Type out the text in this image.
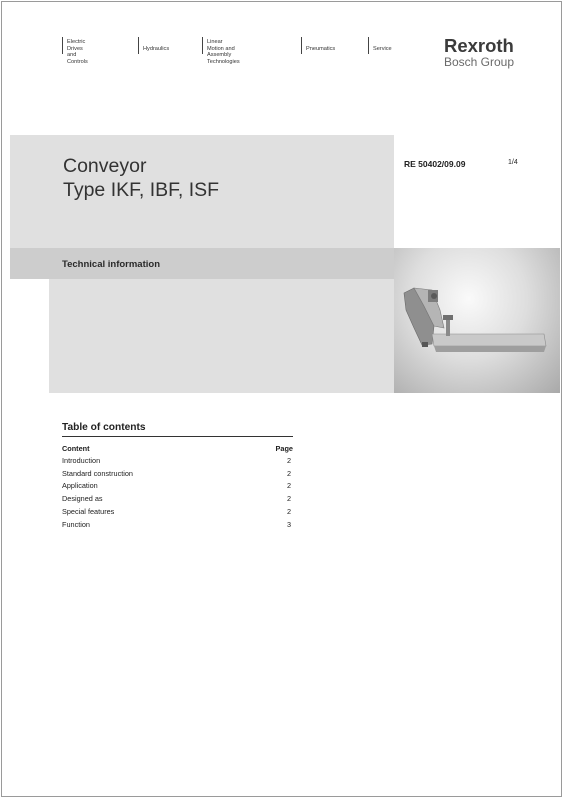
Electric Drives
and Controls
Hydraulics
Linear Motion and
Assembly Technologies
Pneumatics	Service	Rexroth
Bosch Group
Conveyor
Type IKF, IBF, ISF
RE 50402/09.09	1/4
Technical information
Table of contents
Content	Page
Introduction	2
Standard construction	2
Application	2
Designed as	2
Special features	2
Function	3
